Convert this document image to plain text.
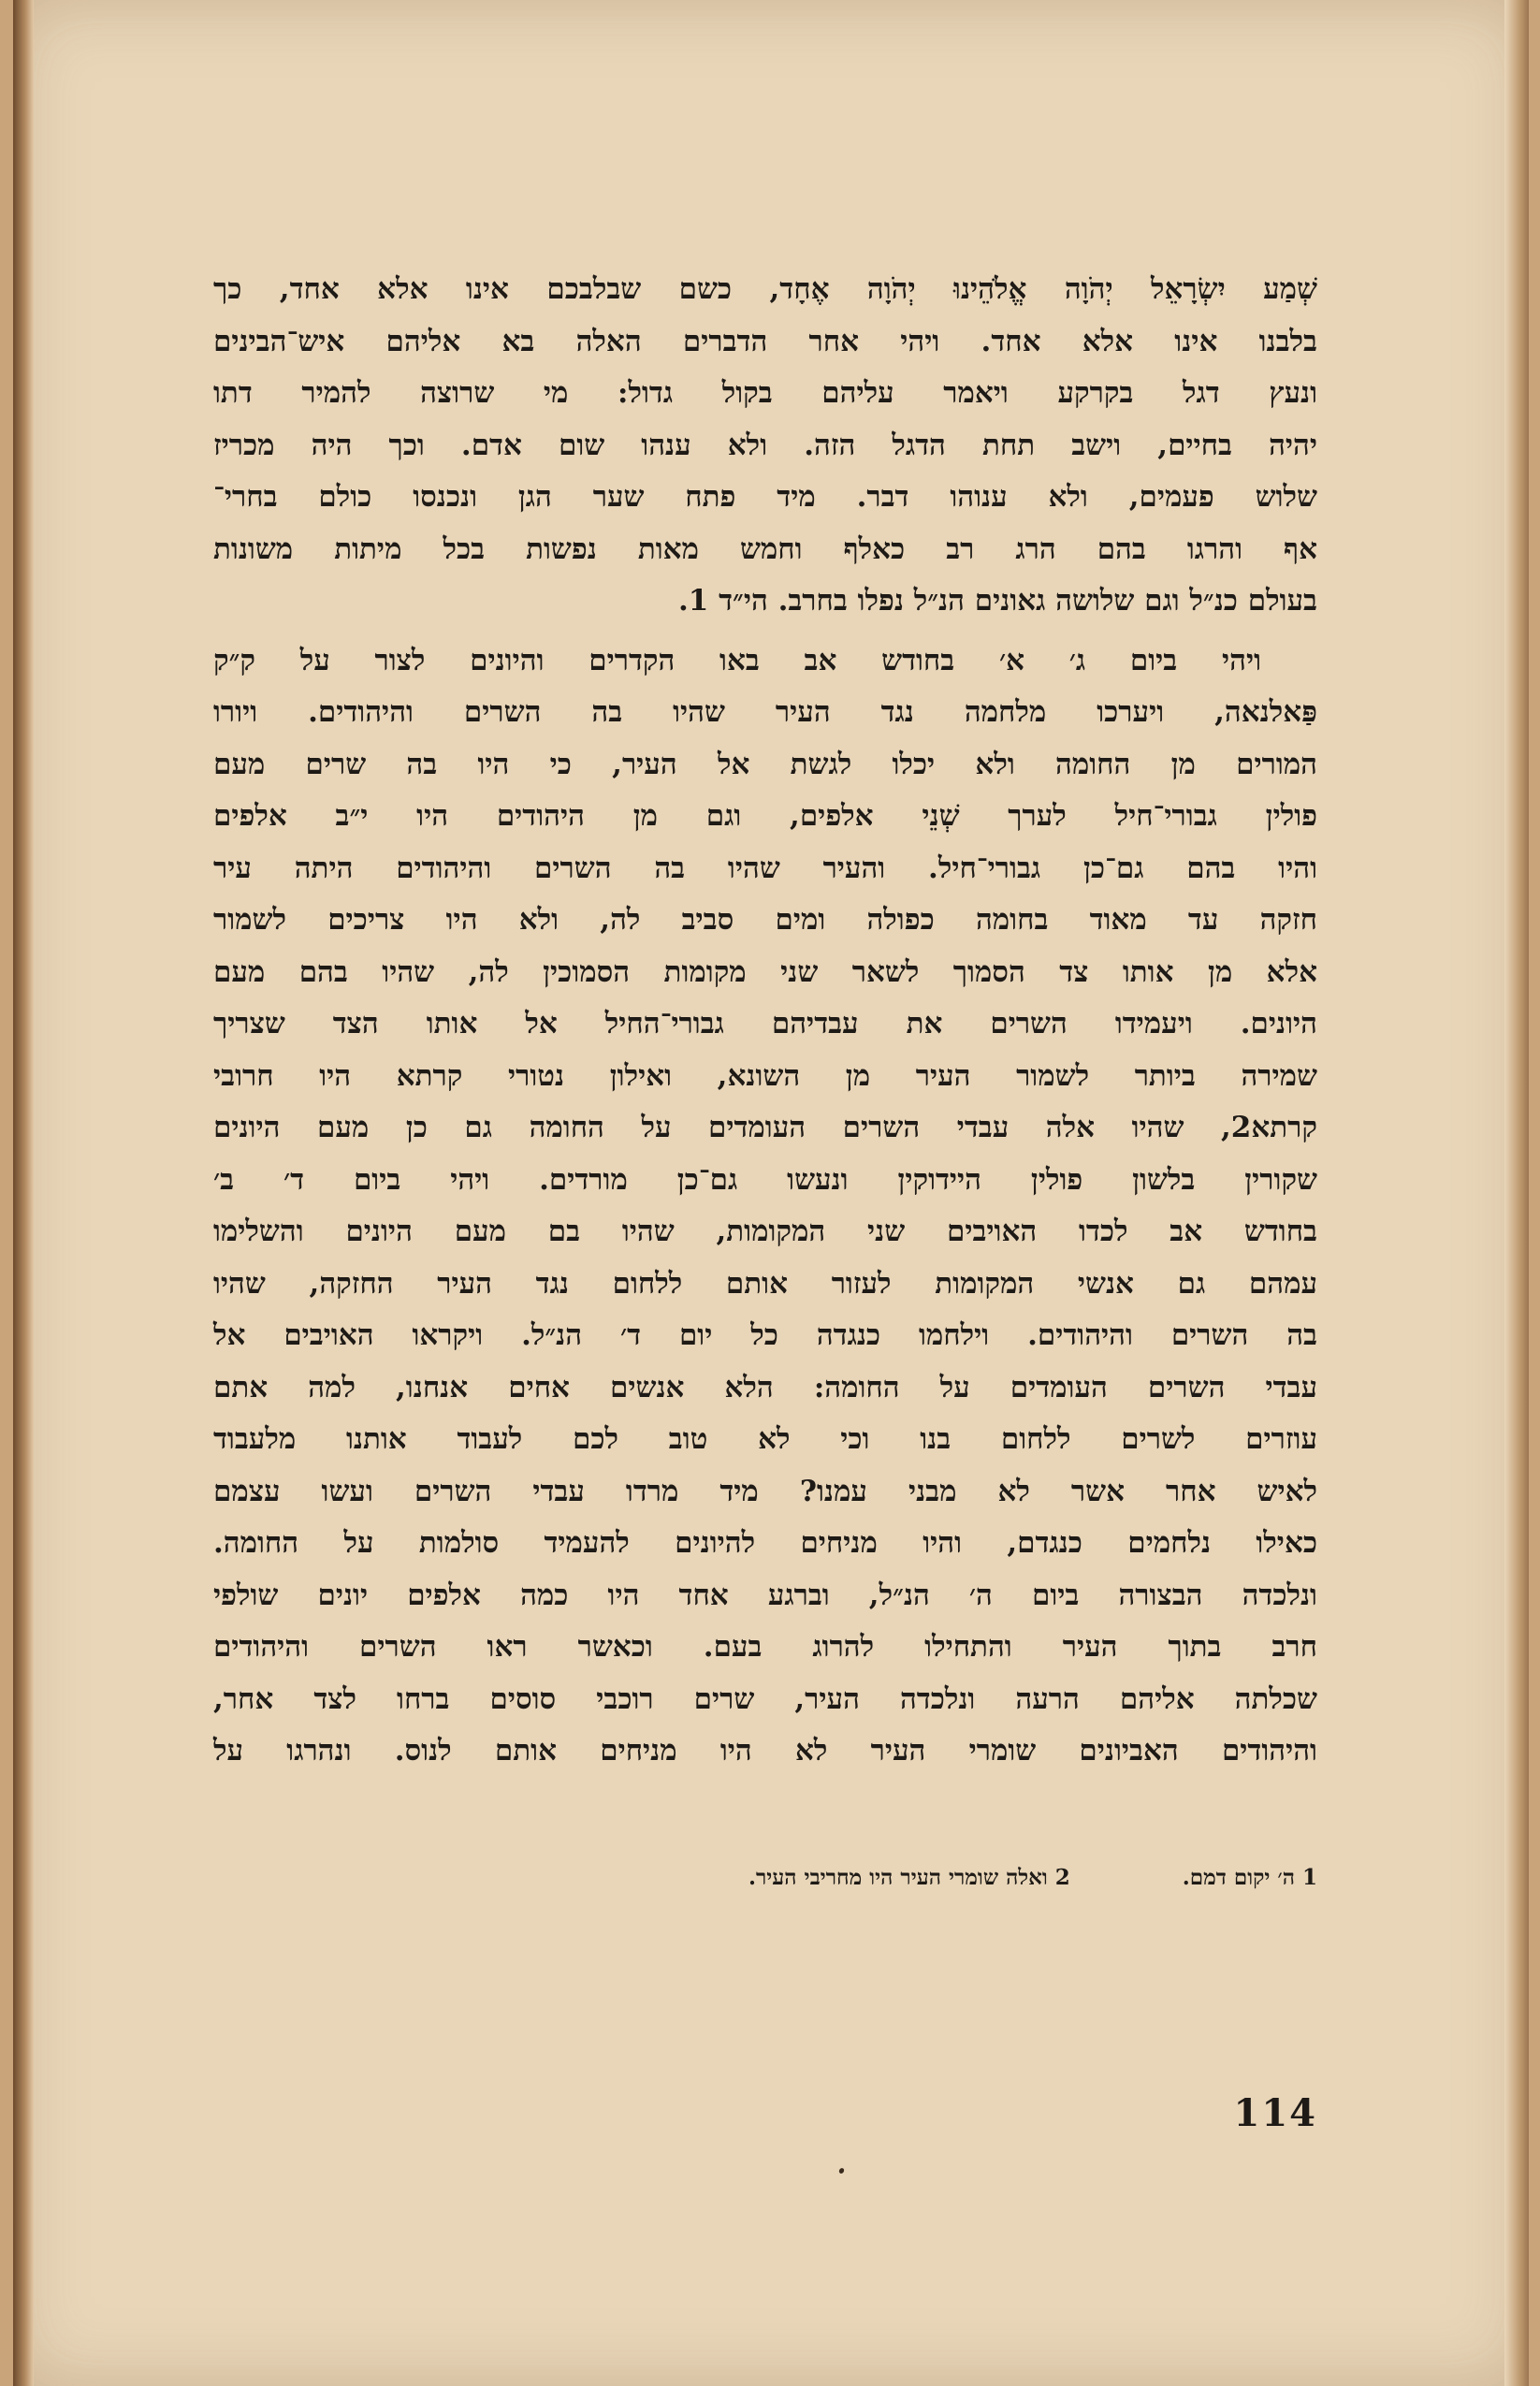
שְׁמַע יִשְׂרָאֵל יְהֹוָה אֱלֹהֵינוּ יְהֹוָה אֶחָד, כשם שבלבכם אינו אלא אחד, כך
בלבנו אינו אלא אחד. ויהי אחר הדברים האלה בא אליהם איש־הבינים
ונעץ דגל בקרקע ויאמר עליהם בקול גדול: מי שרוצה להמיר דתו
יהיה בחיים, וישב תחת הדגל הזה. ולא ענהו שום אדם. וכך היה מכריז
שלוש פעמים, ולא ענוהו דבר. מיד פתח שער הגן ונכנסו כולם בחרי־
אף והרגו בהם הרג רב כאלף וחמש מאות נפשות בכל מיתות משונות
בעולם כנ״ל וגם שלושה גאונים הנ״ל נפלו בחרב. הי״ד 1.
ויהי ביום ג׳ א׳ בחודש אב באו הקדרים והיונים לצור על ק״ק
פַּאלנאה, ויערכו מלחמה נגד העיר שהיו בה השרים והיהודים. ויורו
המורים מן החומה ולא יכלו לגשת אל העיר, כי היו בה שרים מעם
פולין גבורי־חיל לערך שְׁנֵי אלפים, וגם מן היהודים היו י״ב אלפים
והיו בהם גם־כן גבורי־חיל. והעיר שהיו בה השרים והיהודים היתה עיר
חזקה עד מאוד בחומה כפולה ומים סביב לה, ולא היו צריכים לשמור
אלא מן אותו צד הסמוך לשאר שני מקומות הסמוכין לה, שהיו בהם מעם
היונים. ויעמידו השרים את עבדיהם גבורי־החיל אל אותו הצד שצריך
שמירה ביותר לשמור העיר מן השונא, ואילון נטורי קרתא היו חרובי
קרתא2, שהיו אלה עבדי השרים העומדים על החומה גם כן מעם היונים
שקורין בלשון פולין היידוקין ונעשו גם־כן מורדים. ויהי ביום ד׳ ב׳
בחודש אב לכדו האויבים שני המקומות, שהיו בם מעם היונים והשלימו
עמהם גם אנשי המקומות לעזור אותם ללחום נגד העיר החזקה, שהיו
בה השרים והיהודים. וילחמו כנגדה כל יום ד׳ הנ״ל. ויקראו האויבים אל
עבדי השרים העומדים על החומה: הלא אנשים אחים אנחנו, למה אתם
עוזרים לשרים ללחום בנו וכי לא טוב לכם לעבוד אותנו מלעבוד
לאיש אחר אשר לא מבני עמנו? מיד מרדו עבדי השרים ועשו עצמם
כאילו נלחמים כנגדם, והיו מניחים להיונים להעמיד סולמות על החומה.
ונלכדה הבצורה ביום ה׳ הנ״ל, וברגע אחד היו כמה אלפים יונים שולפי
חרב בתוך העיר והתחילו להרוג בעם. וכאשר ראו השרים והיהודים
שכלתה אליהם הרעה ונלכדה העיר, שרים רוכבי סוסים ברחו לצד אחר,
והיהודים האביונים שומרי העיר לא היו מניחים אותם לנוס. ונהרגו על
1 ה׳ יקום דמם.
2 ואלה שומרי העיר היו מחריבי העיר.
114
